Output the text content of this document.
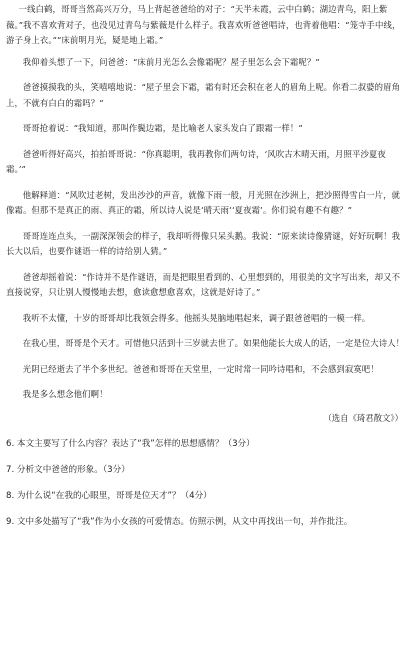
一线白鹤，哥哥当然高兴万分，马上背起爸爸给的对子：“天半未霞，云中白鹤；湖边青鸟，阳上紫薇。”我不喜欢背对子，也没见过青鸟与紫薇是什么样子。我喜欢听爸爸唱诗，也背着他唱：“笼寺手中线，游子身上衣。”“床前明月光，疑是地上霜。”

我仰着头想了一下，问爸爸：“床前月光怎么会像霜呢？屋子里怎么会下霜呢？”

爸爸摸摸我的头，笑嘻嘻地说：“屋子里会下霜，霜有时还会积在老人的眉角上呢。你看二叔婆的眉角上，不就有白白的霜吗？”

哥哥抢着说：“我知道，那叫作鬓边霜，是比喻老人家头发白了跟霜一样！”

爸爸听得好高兴，拍拍哥哥说：“你真聪明，我再教你们两句诗，‘风吹古木晴天雨，月照平沙夏夜霜。’”

他解释道：“风吹过老树，发出沙沙的声音，就像下雨一般，月光照在沙洲上，把沙照得雪白一片，就像霜。但那不是真正的雨、真正的霜，所以诗人说是‘晴天雨’‘夏夜霜’。你们说有趣不有趣？”

哥哥连连点头，一副深深领会的样子，我却听得像只呆头鹅。我说：“原来读诗像猜谜，好好玩啊！我长大以后，也要作谜语一样的诗给别人猜。”

爸爸却摇着说：“作诗并不是作谜语，而是把眼里看到的、心里想到的，用很美的文字写出来，却又不直接说穿，只让别人慢慢地去想，愈读愈想愈喜欢，这就是好诗了。”

我听不太懂，十岁的哥哥却比我领会得多。他摇头晃脑地唱起来，调子跟爸爸唱的一模一样。

在我心里，哥哥是个天才。可惜他只活到十三岁就去世了。如果他能长大成人的话，一定是位大诗人！

光阴已经逝去了半个多世纪。爸爸和哥哥在天堂里，一定时常一同吟诗唱和，不会感到寂寞吧！

我是多么想念他们啊！

（选自《琦君散文》）

6. 本文主要写了什么内容？表达了“我”怎样的思想感情？（3分）

7. 分析文中爸爸的形象。（3分）

8. 为什么说“在我的心眼里，哥哥是位天才”？（4分）

9. 文中多处描写了“我”作为小女孩的可爱情态。仿照示例，从文中再找出一句，并作批注。
